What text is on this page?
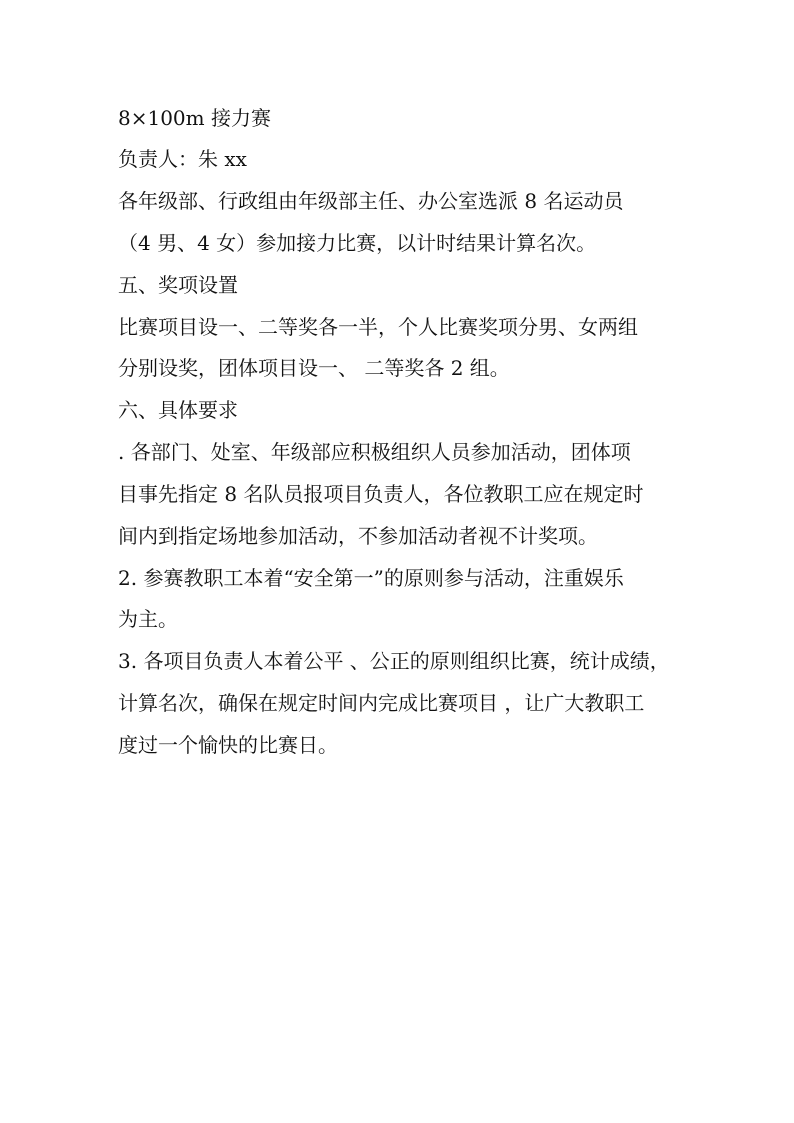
8×100m 接力赛
负责人：朱 xx
各年级部、行政组由年级部主任、办公室选派 8 名运动员
（4 男、4 女）参加接力比赛，以计时结果计算名次。
五、奖项设置
比赛项目设一、二等奖各一半，个人比赛奖项分男、女两组
分别设奖，团体项目设一、 二等奖各 2 组。
六、具体要求
. 各部门、处室、年级部应积极组织人员参加活动，团体项
目事先指定 8 名队员报项目负责人，各位教职工应在规定时
间内到指定场地参加活动，不参加活动者视不计奖项。
2. 参赛教职工本着“安全第一”的原则参与活动，注重娱乐
为主。
3. 各项目负责人本着公平 、公正的原则组织比赛，统计成绩，
计算名次，确保在规定时间内完成比赛项目 ，让广大教职工
度过一个愉快的比赛日。
